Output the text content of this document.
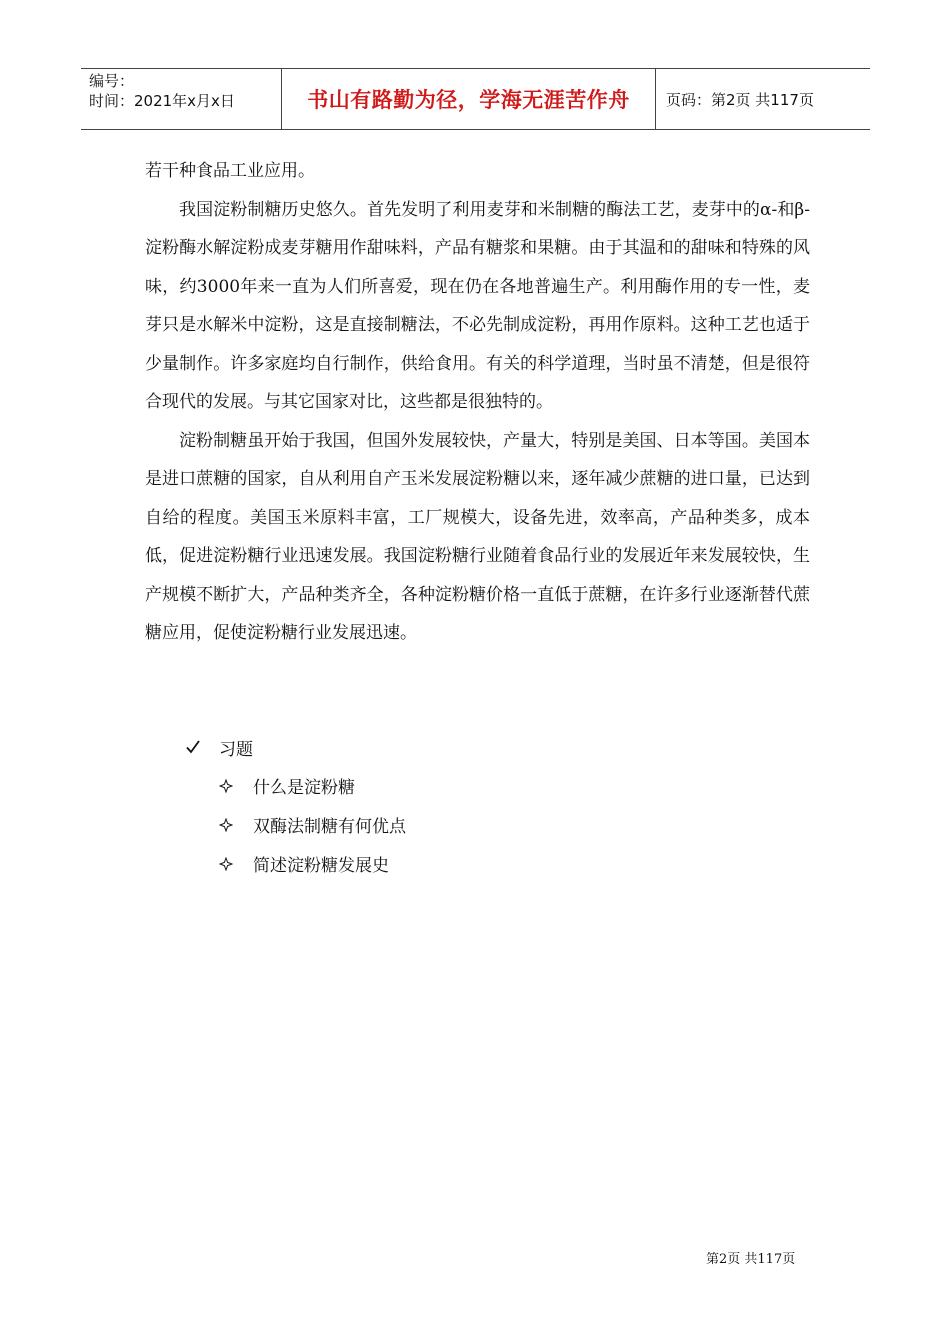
编号：
时间：2021年x月x日	书山有路勤为径，学海无涯苦作舟 页码：第2页 共117页

若干种食品工业应用。

我国淀粉制糖历史悠久。首先发明了利用麦芽和米制糖的酶法工艺，麦芽中的α-和β-淀粉酶水解淀粉成麦芽糖用作甜味料，产品有糖浆和果糖。由于其温和的甜味和特殊的风味，约3000年来一直为人们所喜爱，现在仍在各地普遍生产。利用酶作用的专一性，麦芽只是水解米中淀粉，这是直接制糖法，不必先制成淀粉，再用作原料。这种工艺也适于少量制作。许多家庭均自行制作，供给食用。有关的科学道理，当时虽不清楚，但是很符合现代的发展。与其它国家对比，这些都是很独特的。

淀粉制糖虽开始于我国，但国外发展较快，产量大，特别是美国、日本等国。美国本是进口蔗糖的国家，自从利用自产玉米发展淀粉糖以来，逐年减少蔗糖的进口量，已达到自给的程度。美国玉米原料丰富，工厂规模大，设备先进，效率高，产品种类多，成本低，促进淀粉糖行业迅速发展。我国淀粉糖行业随着食品行业的发展近年来发展较快，生产规模不断扩大，产品种类齐全，各种淀粉糖价格一直低于蔗糖，在许多行业逐渐替代蔗糖应用，促使淀粉糖行业发展迅速。

习题
什么是淀粉糖
双酶法制糖有何优点
简述淀粉糖发展史
第2页 共117页
